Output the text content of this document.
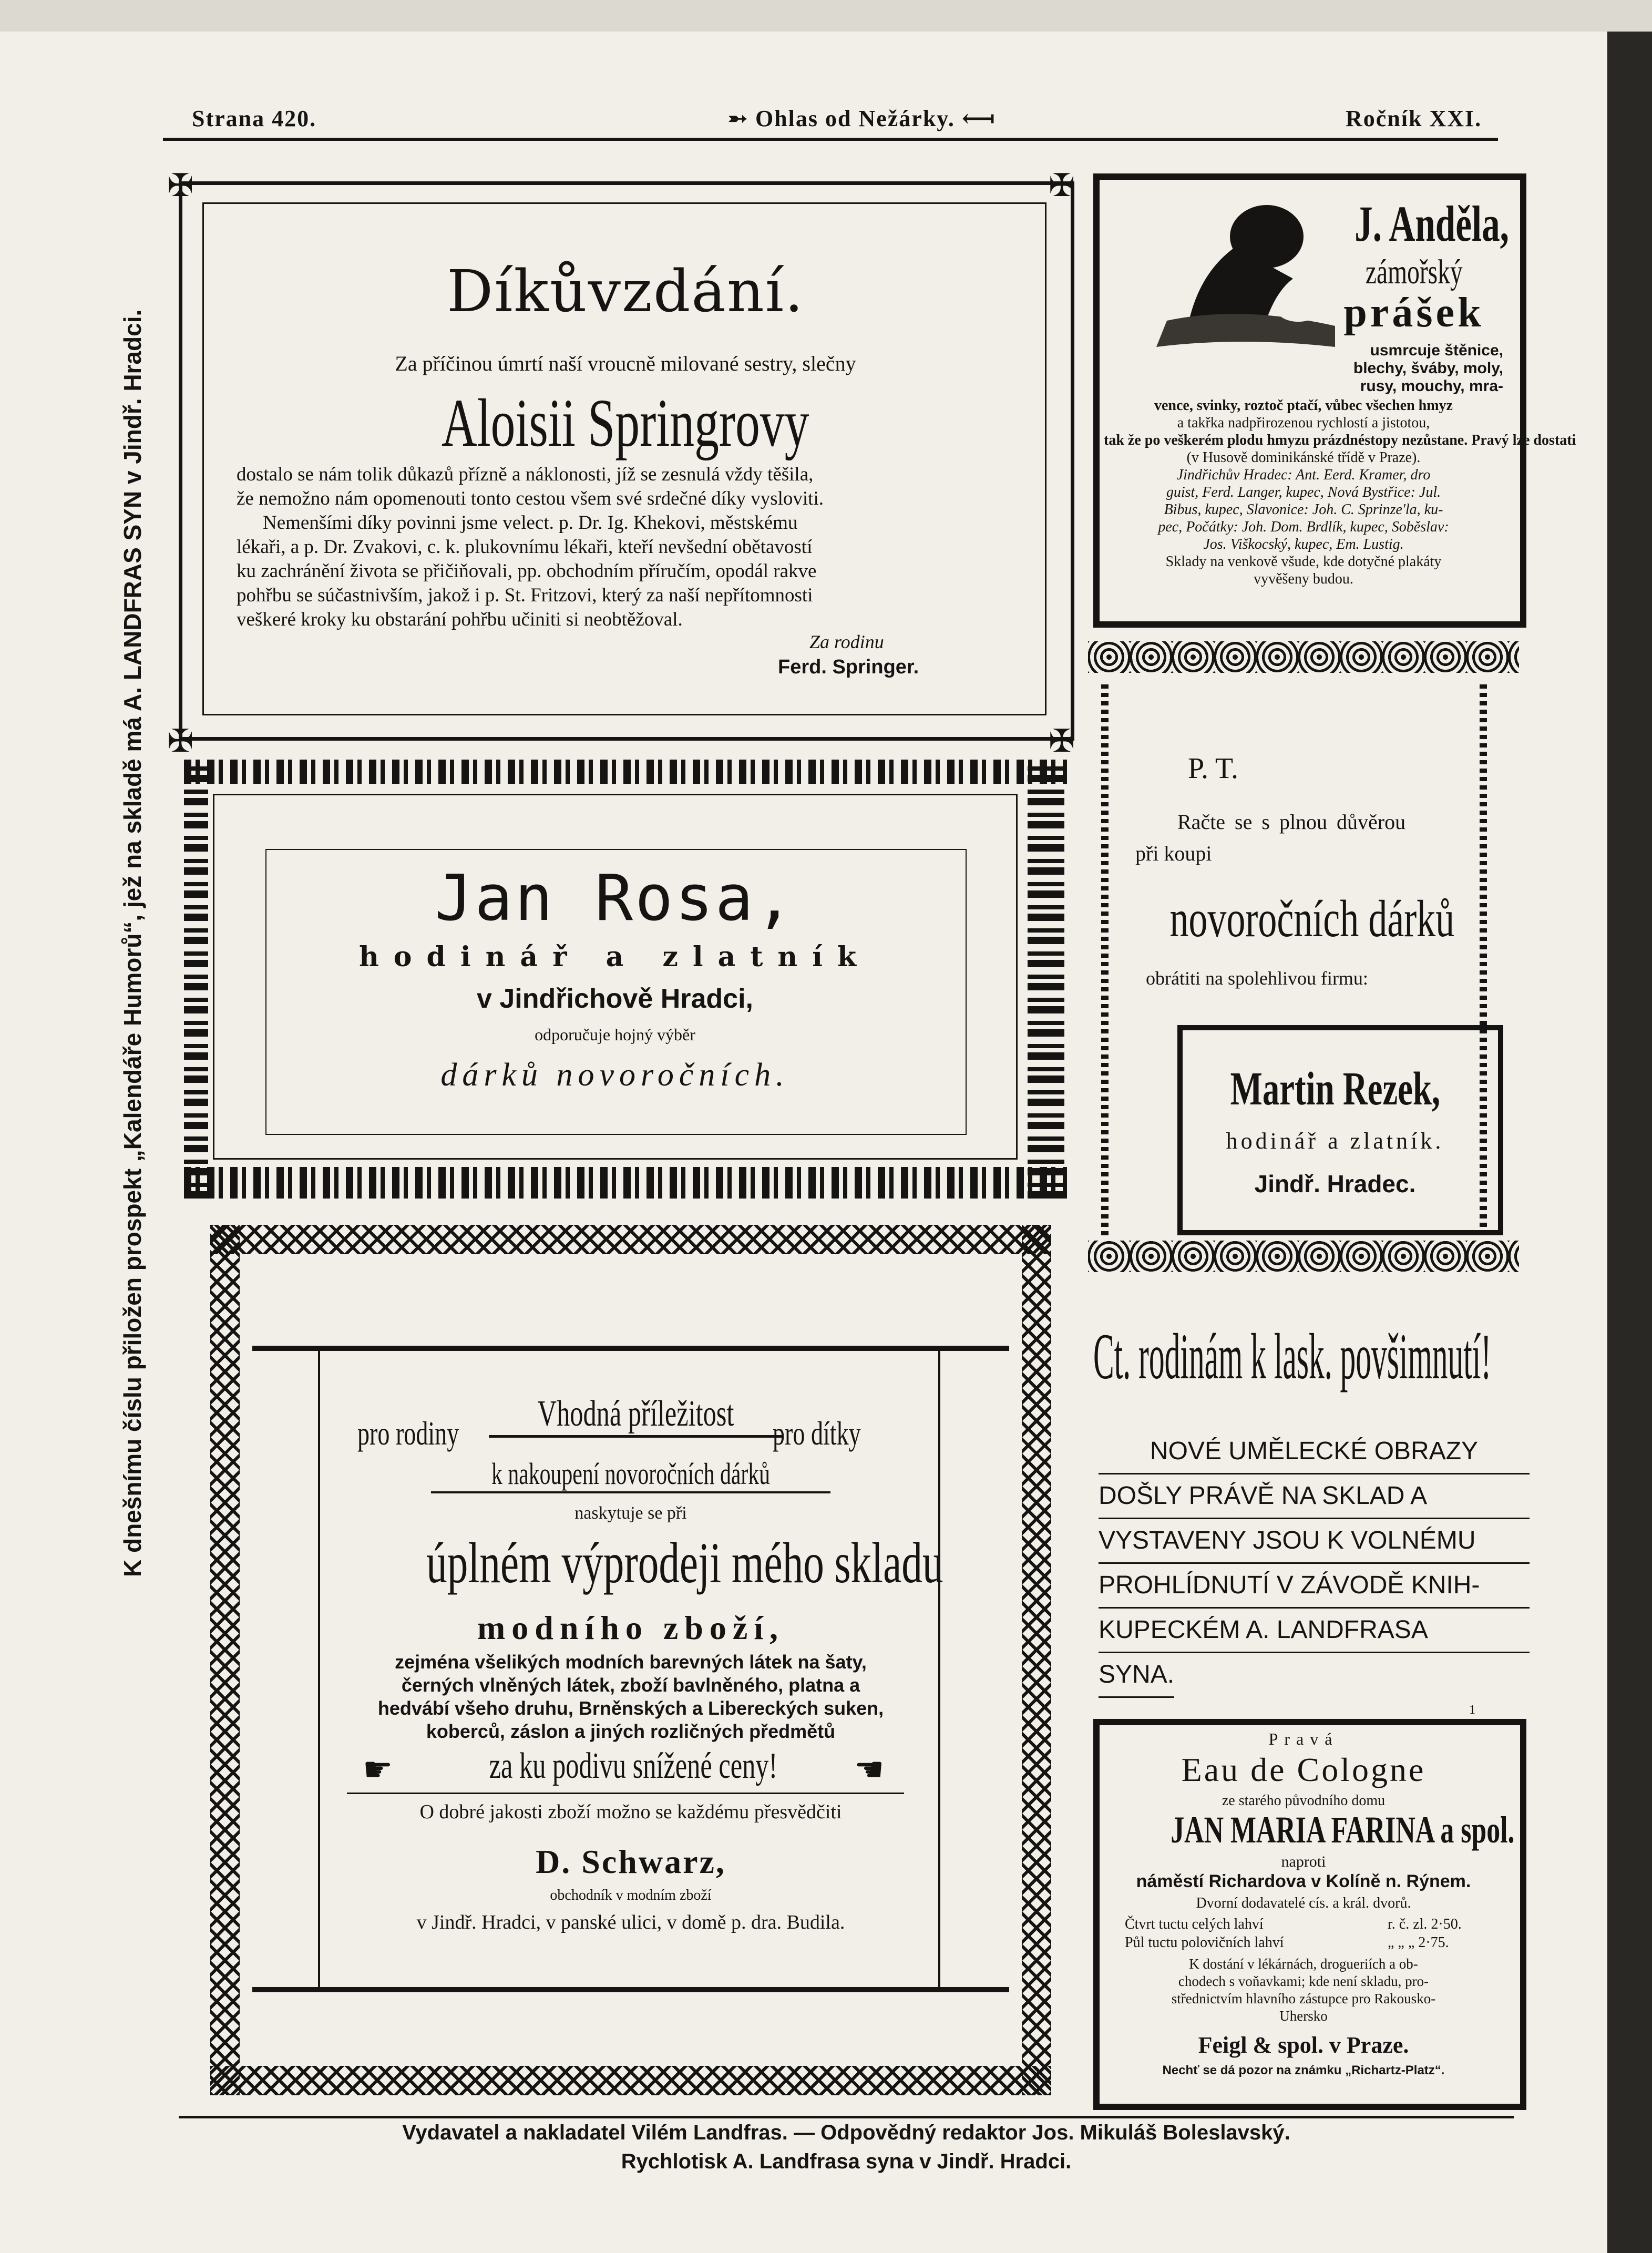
Strana 420.	➵ Ohlas od Nežárky. ⟻	Ročník XXI.
K dnešnímu číslu přiložen prospekt „Kalendáře Humorů“, jež na skladě má A. LANDFRAS SYN v Jindř. Hradci.
✠	✠
✠	✠
Díkůvzdání.
Za příčinou úmrtí naší vroucně milované sestry, slečny
Aloisii Springrovy
dostalo se nám tolik důkazů přízně a náklonosti, jíž se zesnulá vždy těšila,
že nemožno nám opomenouti tonto cestou všem své srdečné díky vysloviti.
Nemenšími díky povinni jsme velect. p. Dr. Ig. Khekovi, městskému
lékaři, a p. Dr. Zvakovi, c. k. plukovnímu lékaři, kteří nevšední obětavostí
ku zachránění života se přičiňovali, pp. obchodním příručím, opodál rakve
pohřbu se súčastnivším, jakož i p. St. Fritzovi, který za naší nepřítomnosti
veškeré kroky ku obstarání pohřbu učiniti si neobtěžoval.
Za rodinu
Ferd. Springer.
Jan Rosa,
hodinář a zlatník
v Jindřichově Hradci,
odporučuje hojný výběr
dárků novoročních.
pro rodiny	Vhodná příležitost	pro dítky
k nakoupení novoročních dárků
naskytuje se při
úplném výprodeji mého skladu
modního zboží,
zejména všelikých modních barevných látek na šaty,
černých vlněných látek, zboží bavlněného, platna a
hedvábí všeho druhu, Brněnských a Libereckých suken,
koberců, záslon a jiných rozličných předmětů
☛	za ku podivu snížené ceny!	☛
O dobré jakosti zboží možno se každému přesvědčiti
D. Schwarz,
obchodník v modním zboží
v Jindř. Hradci, v panské ulici, v domě p. dra. Budila.
J. Anděla,
zámořský
prášek
usmrcuje štěnice,
blechy, šváby, moly,
rusy, mouchy, mra-
vence, svinky, roztoč ptačí, vůbec všechen hmyz
a takřka nadpřirozenou rychlostí a jistotou,
tak že po veškerém plodu hmyzu prázdnéstopy nezůstane. Pravý lze dostati
(v Husově dominikánské třídě v Praze).
Jindřichův Hradec: Ant. Eerd. Kramer, dro
guist, Ferd. Langer, kupec, Nová Bystřice: Jul.
Bibus, kupec, Slavonice: Joh. C. Sprinze'la, ku-
pec, Počátky: Joh. Dom. Brdlík, kupec, Soběslav:
Jos. Viškocský, kupec, Em. Lustig.
Sklady na venkově všude, kde dotyčné plakáty
vyvěšeny budou.
P. T.
Račte se s plnou důvěrou
při koupi
novoročních dárků
obrátiti na spolehlivou firmu:
Martin Rezek,
hodinář a zlatník.
Jindř. Hradec.
Ct. rodinám k lask. povšimnutí!
NOVÉ UMĚLECKÉ OBRAZY
DOŠLY PRÁVĚ NA SKLAD A
VYSTAVENY JSOU K VOLNÉMU
PROHLÍDNUTÍ V ZÁVODĚ KNIH-
KUPECKÉM A. LANDFRASA
SYNA.
1
Pravá
Eau de Cologne
ze starého původního domu
JAN MARIA FARINA a spol.
naproti
náměstí Richardova v Kolíně n. Rýnem.
Dvorní dodavatelé cís. a král. dvorů.
Čtvrt tuctu celých lahví	r. č. zl. 2·50.
Půl tuctu polovičních lahví	„ „ „ 2·75.
K dostání v lékárnách, drogueriích a ob-
chodech s voňavkami; kde není skladu, pro-
střednictvím hlavního zástupce pro Rakousko-
Uhersko
Feigl & spol. v Praze.
Nechť se dá pozor na známku „Richartz-Platz“.
Vydavatel a nakladatel Vilém Landfras. — Odpovědný redaktor Jos. Mikuláš Boleslavský.
Rychlotisk A. Landfrasa syna v Jindř. Hradci.
